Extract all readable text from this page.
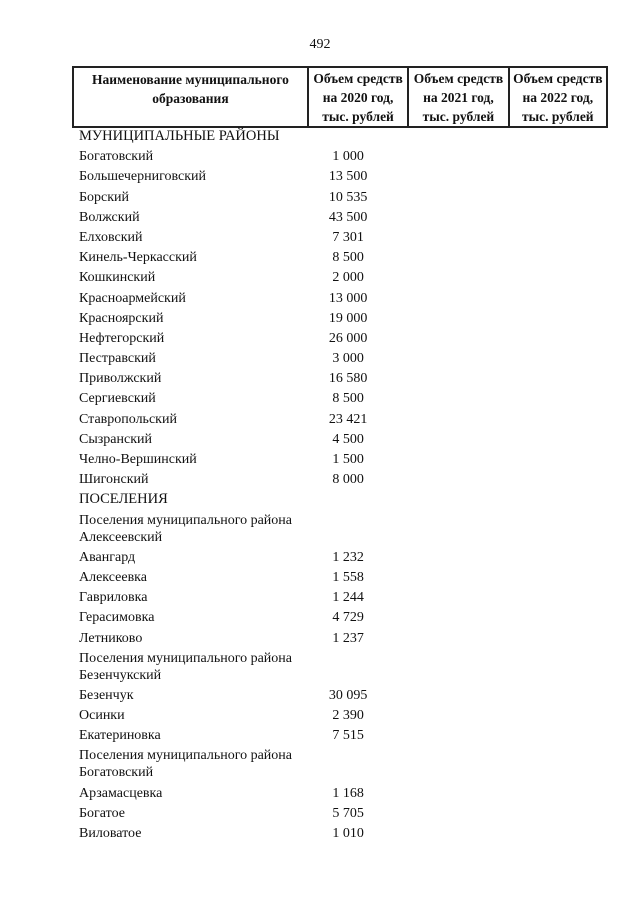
492
Наименование муниципального образования	Объем средств на 2020 год, тыс. рублей	Объем средств на 2021 год, тыс. рублей	Объем средств на 2022 год, тыс. рублей
МУНИЦИПАЛЬНЫЕ РАЙОНЫ			
Богатовский	1 000		
Большечерниговский	13 500		
Борский	10 535		
Волжский	43 500		
Елховский	7 301		
Кинель-Черкасский	8 500		
Кошкинский	2 000		
Красноармейский	13 000		
Красноярский	19 000		
Нефтегорский	26 000		
Пестравский	3 000		
Приволжский	16 580		
Сергиевский	8 500		
Ставропольский	23 421		
Сызранский	4 500		
Челно-Вершинский	1 500		
Шигонский	8 000		
ПОСЕЛЕНИЯ			
Поселения муниципального района Алексеевский			
Авангард	1 232		
Алексеевка	1 558		
Гавриловка	1 244		
Герасимовка	4 729		
Летниково	1 237		
Поселения муниципального района Безенчукский			
Безенчук	30 095		
Осинки	2 390		
Екатериновка	7 515		
Поселения муниципального района Богатовский			
Арзамасцевка	1 168		
Богатое	5 705		
Виловатое	1 010		
